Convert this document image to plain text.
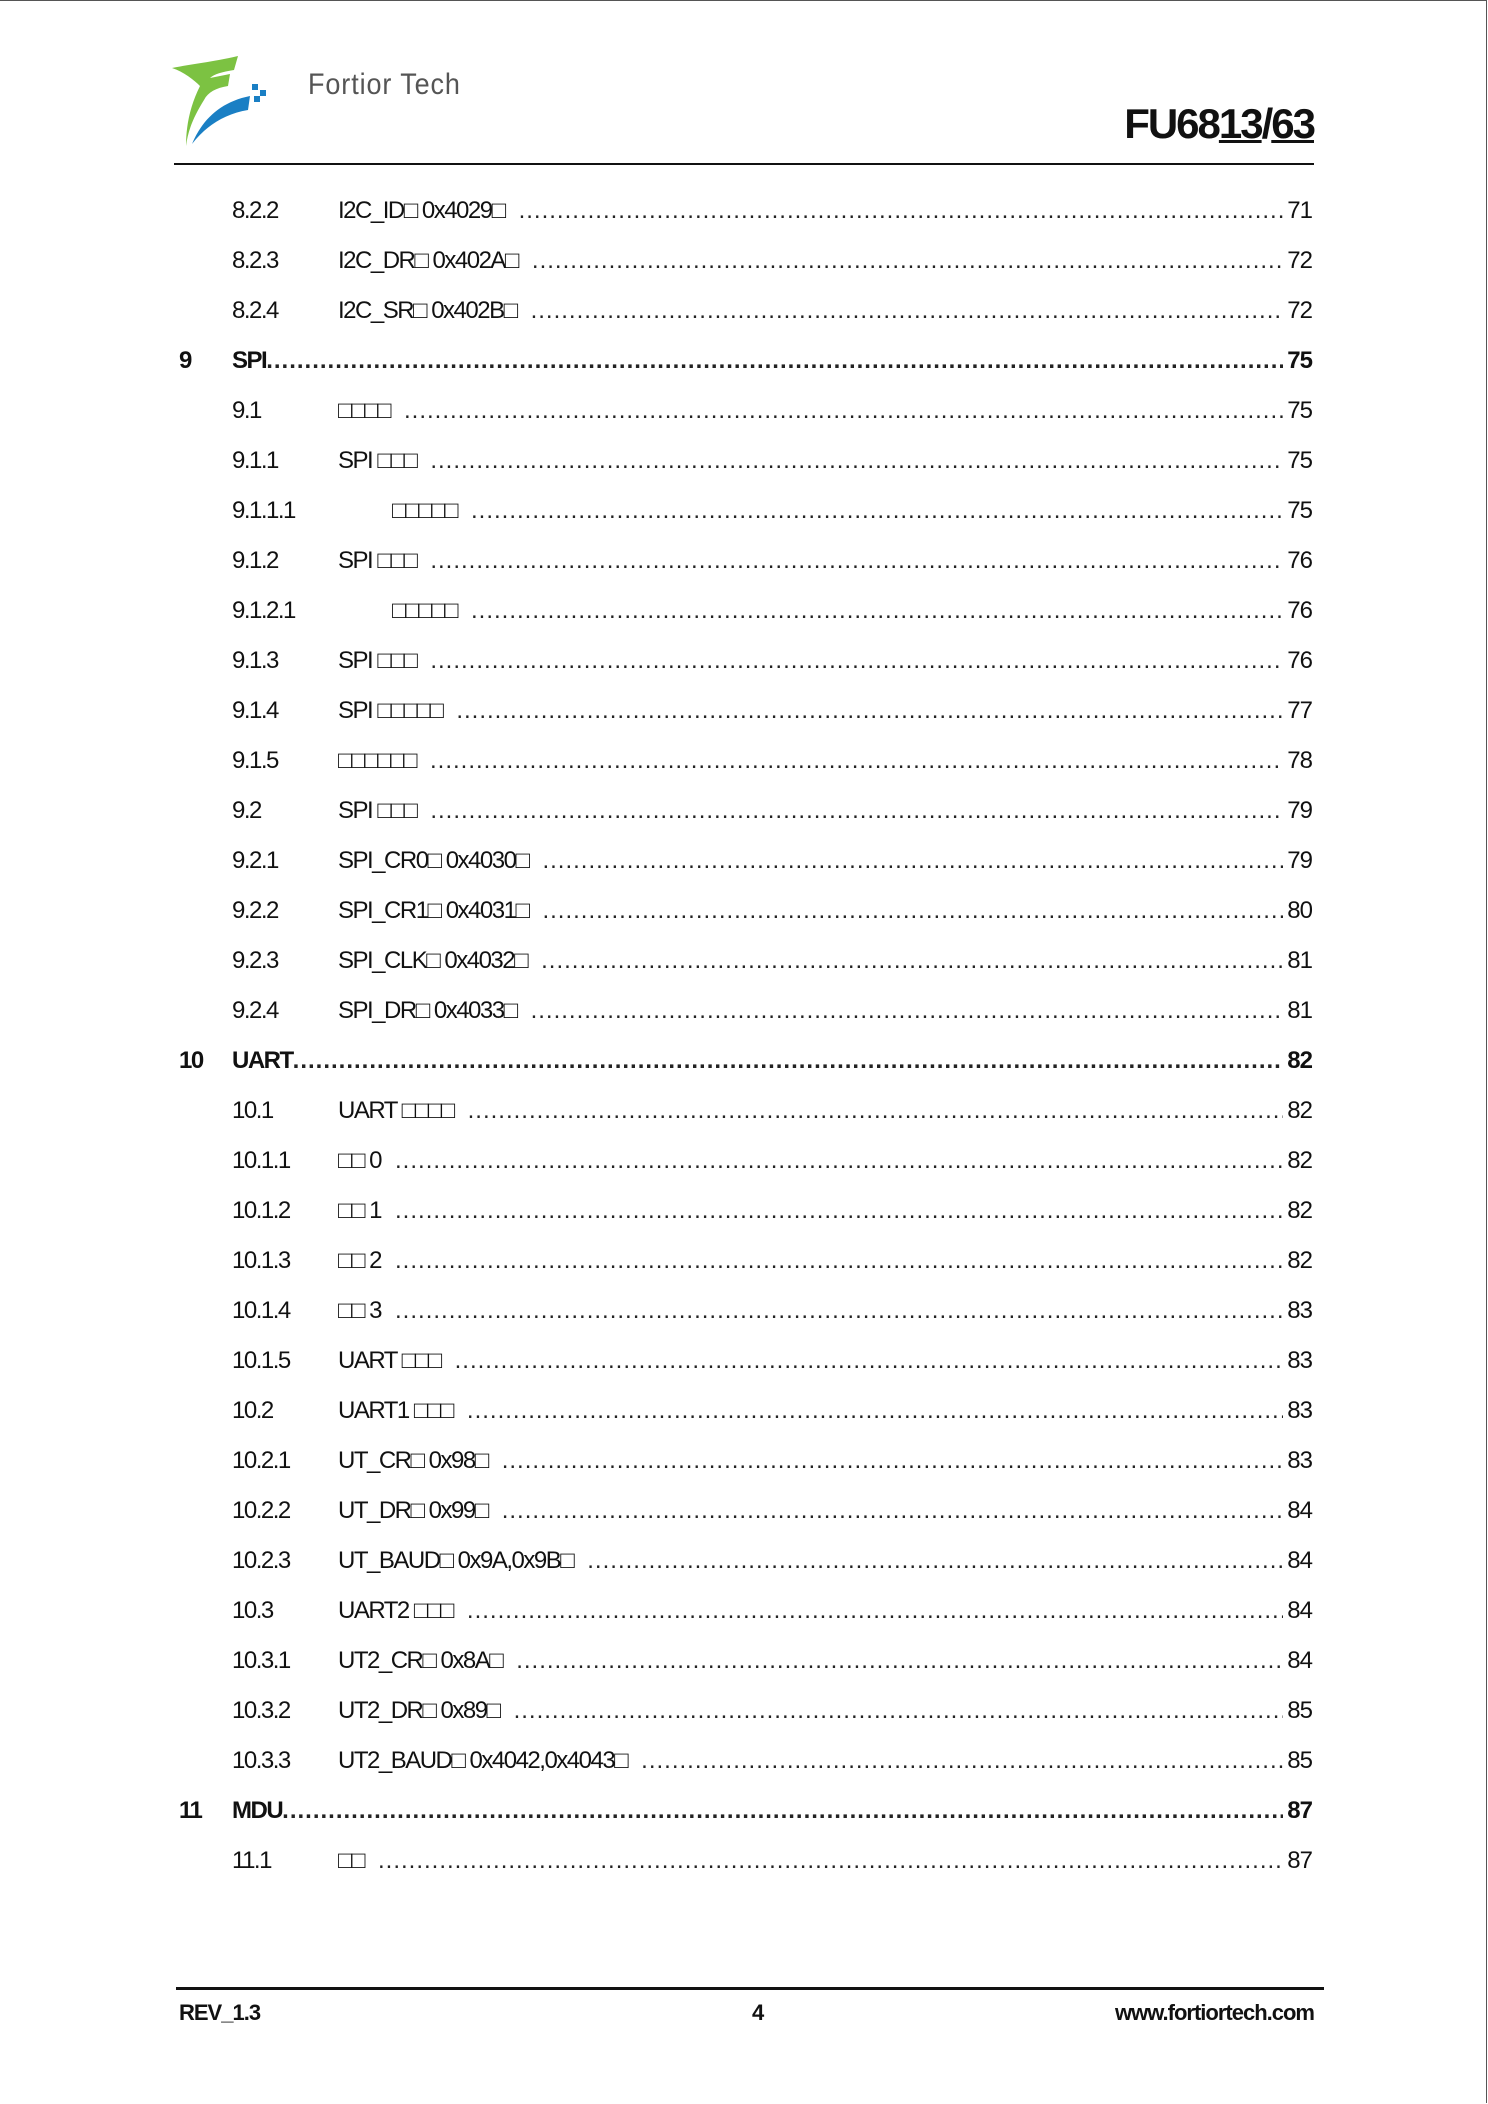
Fortior Tech
FU6813/63
8.2.2	I2C_ID□ 0x4029□ .....	71
8.2.3	I2C_DR□ 0x402A□ .....	72
8.2.4	I2C_SR□ 0x402B□ .....	72
9 SPI .....	75
9.1	□□□□ .....	75
9.1.1	SPI □□□ .....	75
9.1.1.1	□□□□□ .....	75
9.1.2	SPI □□□ .....	76
9.1.2.1	□□□□□ .....	76
9.1.3	SPI □□□ .....	76
9.1.4	SPI □□□□□ .....	77
9.1.5	□□□□□□ .....	78
9.2	SPI □□□ .....	79
9.2.1	SPI_CR0□ 0x4030□ .....	79
9.2.2	SPI_CR1□ 0x4031□ .....	80
9.2.3	SPI_CLK□ 0x4032□ .....	81
9.2.4	SPI_DR□ 0x4033□ .....	81
10 UART .....	82
10.1	UART □□□□ .....	82
10.1.1 □□ 0 .....	82
10.1.2 □□ 1 .....	82
10.1.3 □□ 2 .....	82
10.1.4 □□ 3 .....	83
10.1.5 UART □□□ .....	83
10.2	UART1 □□□ .....	83
10.2.1 UT_CR□ 0x98□ .....	83
10.2.2 UT_DR□ 0x99□ .....	84
10.2.3 UT_BAUD□ 0x9A,0x9B□ .....	84
10.3	UART2 □□□ .....	84
10.3.1 UT2_CR□ 0x8A□ .....	84
10.3.2 UT2_DR□ 0x89□ .....	85
10.3.3 UT2_BAUD□ 0x4042,0x4043□ .....	85
11 MDU .....	87
11.1	□□ .....	87
REV_1.3	4	www.fortiortech.com
